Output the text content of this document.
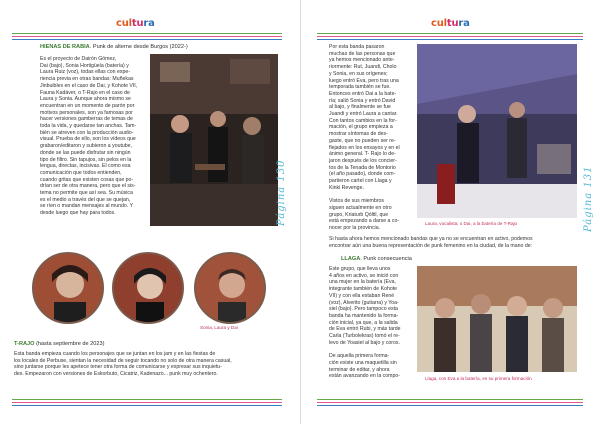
cultura
HIENAS DE RABIA. Punk de alterne desde Burgos (2022-)
Es el proyecto de Dairón Gómez,
Dai (bajo), Sonia Hortigüela (batería) y
Laura Ruiz (voz), todas ellas con expe-
riencia previa en otras bandas: Muñekas
Jinbuibles en el caso de Dai, y Kohote VII,
Fauna Kadáver, o T-Rajo en el caso de
Laura y Sonia. Aunque ahora mismo se
encuentran en un momento de parón por
motivos personales, son ya famosas por
hacer versiones gamberras de temas de
toda la vida, y quedarse tan anchas. Tam-
bién se atreven con la producción audio-
visual. Prueba de ello, son los vídeos que
grabaron/editaron y subieron a youtube,
donde se las puede disfrutar sin ningún
tipo de filtro. Sin tapujos, sin pelos en la
lengua, directas, incisivas. El como esa
comunicación que todos entienden,
cuando gritas que existen cosas que po-
drían ser de otra manera, pero que el sis-
tema no permite que así sea. Su música
es el medio a través del que se quejan,
se ríen o mandan mensajes al mundo. Y
desde luego que hay para todos.	Página 130
Sonia, Laura y Dai
T-RAJO (hasta septiembre de 2023)
Esta banda empieza cuando los personajes que se juntan en los jam y en las fiestas de
los locales de Perbuse, sientan la necesidad de seguir tocando no solo de otra manera casual,
sino juntarse porque les apetece tener otra forma de comunicarse y expresar sus inquietu-
des. Empezaron con versiones de Eskorbuto, Cicatriz, Kadenazo... punk muy ochentero.
cultura
Por esta banda pasaron
muchas de las personas que
ya hemos mencionado ante-
riormente: Rut, Juandi, Cholo
y Sonia, en sus orígenes;
luego entró Eva, pero tras una
temporada también se fue.
Entonces entró Dai a la bate-
ría; salió Sonia y entró David
al bajo, y finalmente se fue
Juandi y entró Laura a cantar.
Con tantos cambios en la for-
mación, el grupo empieza a
mostrar síntomas de des-
gaste, que no pueden ser re-
flejados en los ensayos y en el
ánimo general. T- Rajo lo de-
jaron después de los concier-
tos de la Tenada de Montorio
(el año pasado), donde com-
partieron cartel con Llaga y
Kinki Revenge.

Vistos de sus miembros
siguen actualmente en otro
grupo, Kriaturb Qóltil, que
está empezando a darse a co-
nocer por la provincia.
Laura, vocalista; o Dai, a la batería de T-Rajo	Página 131
Si hasta ahora hemos mencionado bandas que ya no se encuentran en activo, podemos
encontrar aún una buena representación de punk femenino en la ciudad, de la mano de:
LLAGA. Punk consecuencia
Este grupo, que lleva unos
4 años en activo, se inició con
una mujer en la batería (Eva,
integrante también de Kohote
VII) y con ella estaban René
(voz), Alverito (guitarra) y Yoa-
siel (bajo). Pero tampoco esta
banda ha mantenido la forma-
ción inicial, ya que, a la salida
de Eva entró Rubi, y más tarde
Carla (Turbolekras) tomó el re-
levo de Yoasiel al bajo y coros.

De aquella primera forma-
ción existe una maquetilla sin
terminar de editar, y ahora
están avanzando en la compo-	Llaga, con Eva a la batería, en su primera formación
